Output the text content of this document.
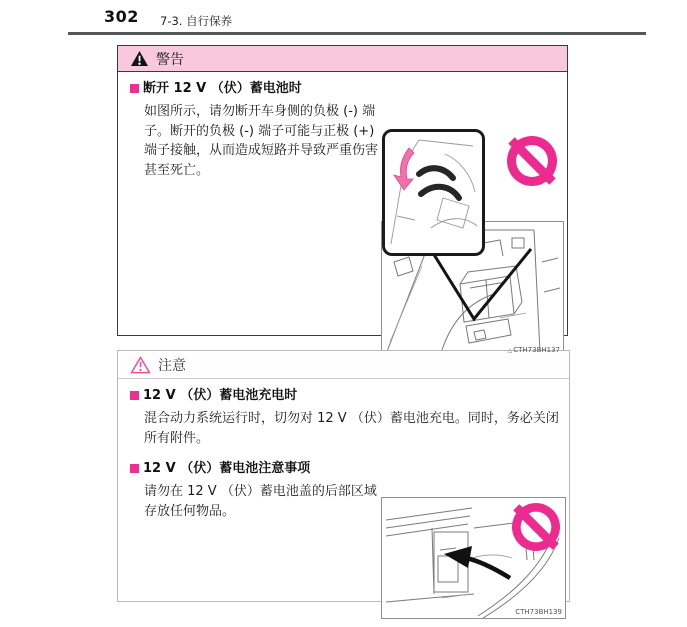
302 7-3. 自行保养
警告
断开 12 V （伏）蓄电池时
如图所示，请勿断开车身侧的负极 (-) 端子。断开的负极 (-) 端子可能与正极 (+) 端子接触，从而造成短路并导致严重伤害甚至死亡。
△ CTH73BH137
注意
12 V （伏）蓄电池充电时
混合动力系统运行时，切勿对 12 V （伏）蓄电池充电。同时，务必关闭所有附件。
12 V （伏）蓄电池注意事项
请勿在 12 V （伏）蓄电池盖的后部区域存放任何物品。
CTH73BH139
